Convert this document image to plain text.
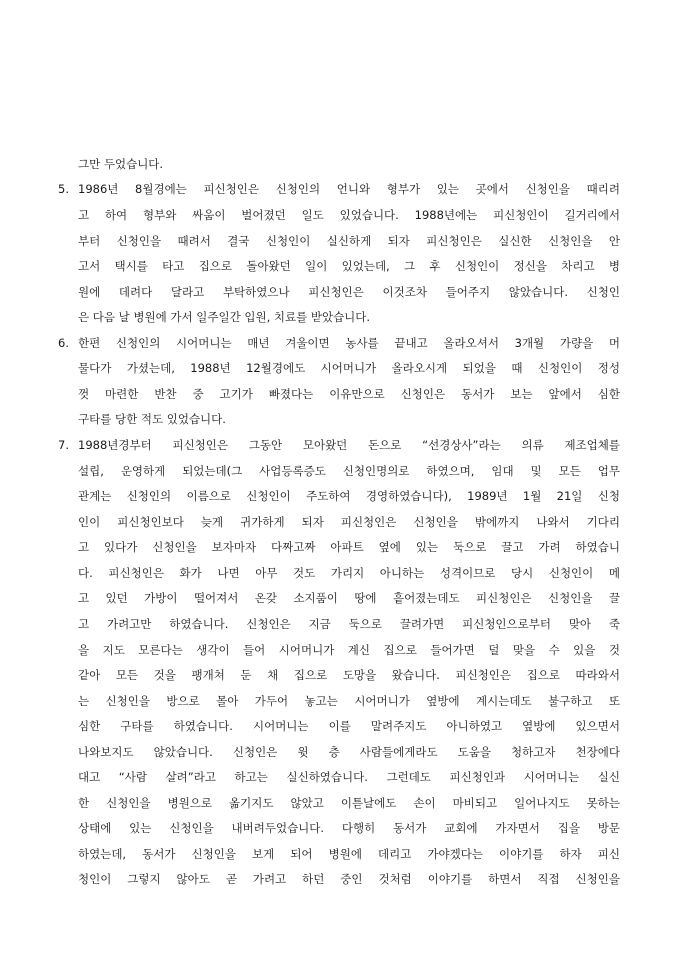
그만 두었습니다.
5. 1986년 8월경에는 피신청인은 신청인의 언니와 형부가 있는 곳에서 신청인을 때리려
고 하여 형부와 싸움이 벌어졌던 일도 있었습니다. 1988년에는 피신청인이 길거리에서
부터 신청인을 때려서 결국 신청인이 실신하게 되자 피신청인은 실신한 신청인을 안
고서 택시를 타고 집으로 돌아왔던 일이 있었는데, 그 후 신청인이 정신을 차리고 병
원에 데려다 달라고 부탁하였으나 피신청인은 이것조차 들어주지 않았습니다. 신청인
은 다음 날 병원에 가서 일주일간 입원, 치료를 받았습니다.
6. 한편 신청인의 시어머니는 매년 겨울이면 농사를 끝내고 올라오셔서 3개월 가량을 머
물다가 가셨는데, 1988년 12월경에도 시어머니가 올라오시게 되었을 때 신청인이 정성
껏 마련한 반찬 중 고기가 빠졌다는 이유만으로 신청인은 동서가 보는 앞에서 심한
구타를 당한 적도 있었습니다.
7. 1988년경부터 피신청인은 그동안 모아왔던 돈으로 “선경상사”라는 의류 제조업체를
설립, 운영하게 되었는데(그 사업등록증도 신청인명의로 하였으며, 임대 및 모든 업무
관계는 신청인의 이름으로 신청인이 주도하여 경영하였습니다), 1989년 1월 21일 신청
인이 피신청인보다 늦게 귀가하게 되자 피신청인은 신청인을 밖에까지 나와서 기다리
고 있다가 신청인을 보자마자 다짜고짜 아파트 옆에 있는 둑으로 끌고 가려 하였습니
다. 피신청인은 화가 나면 아무 것도 가리지 아니하는 성격이므로 당시 신청인이 메
고 있던 가방이 떨어져서 온갖 소지품이 땅에 흩어졌는데도 피신청인은 신청인을 끌
고 가려고만 하였습니다. 신청인은 지금 둑으로 끌려가면 피신청인으로부터 맞아 죽
을 지도 모른다는 생각이 들어 시어머니가 계신 집으로 들어가면 덜 맞을 수 있을 것
같아 모든 것을 팽개쳐 둔 채 집으로 도망을 왔습니다. 피신청인은 집으로 따라와서
는 신청인을 방으로 몰아 가두어 놓고는 시어머니가 옆방에 계시는데도 불구하고 또
심한 구타를 하였습니다. 시어머니는 이를 말려주지도 아니하였고 옆방에 있으면서
나와보지도 않았습니다. 신청인은 윗 층 사람들에게라도 도움을 청하고자 천장에다
대고 “사람 살려”라고 하고는 실신하였습니다. 그런데도 피신청인과 시어머니는 실신
한 신청인을 병원으로 옮기지도 않았고 이튿날에도 손이 마비되고 일어나지도 못하는
상태에 있는 신청인을 내버려두었습니다. 다행히 동서가 교회에 가자면서 집을 방문
하였는데, 동서가 신청인을 보게 되어 병원에 데리고 가야겠다는 이야기를 하자 피신
청인이 그렇지 않아도 곧 가려고 하던 중인 것처럼 이야기를 하면서 직접 신청인을
